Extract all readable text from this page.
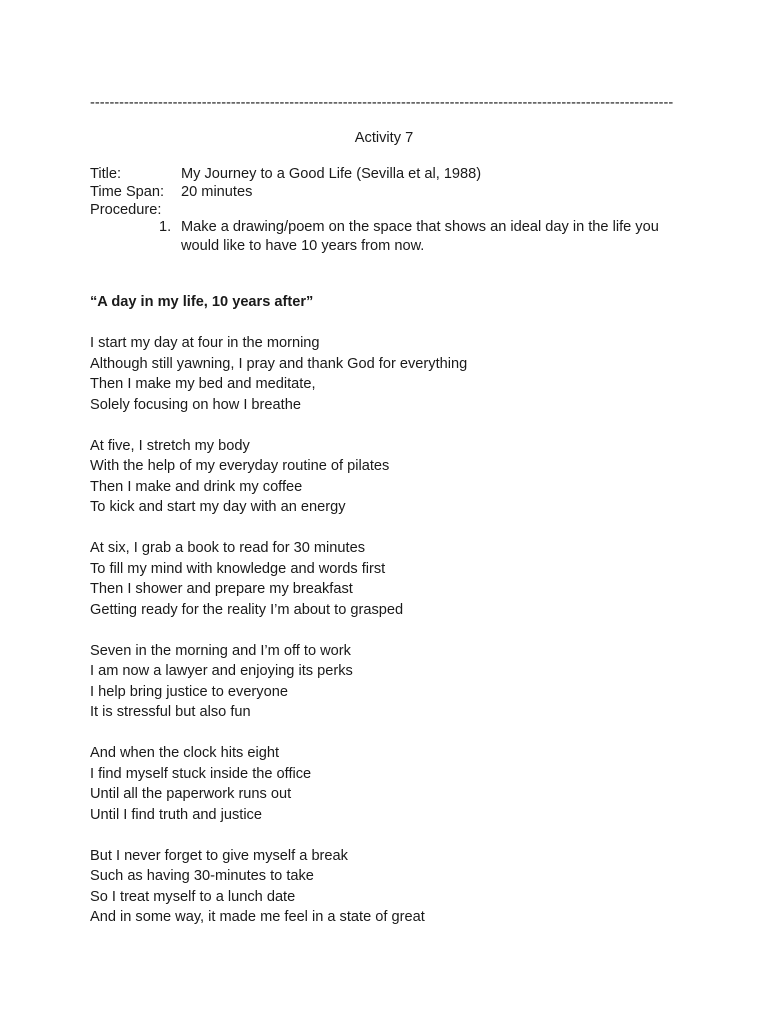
------------------------------------------------------------------------------------------------------------------------
Activity 7
Title:	My Journey to a Good Life (Sevilla et al, 1988)
Time Span: 20 minutes
Procedure:
1. Make a drawing/poem on the space that shows an ideal day in the life you would like to have 10 years from now.
“A day in my life, 10 years after”
I start my day at four in the morning
Although still yawning, I pray and thank God for everything
Then I make my bed and meditate,
Solely focusing on how I breathe
At five, I stretch my body
With the help of my everyday routine of pilates
Then I make and drink my coffee
To kick and start my day with an energy
At six, I grab a book to read for 30 minutes
To fill my mind with knowledge and words first
Then I shower and prepare my breakfast
Getting ready for the reality I’m about to grasped
Seven in the morning and I’m off to work
I am now a lawyer and enjoying its perks
I help bring justice to everyone
It is stressful but also fun
And when the clock hits eight
I find myself stuck inside the office
Until all the paperwork runs out
Until I find truth and justice
But I never forget to give myself a break
Such as having 30-minutes to take
So I treat myself to a lunch date
And in some way, it made me feel in a state of great
